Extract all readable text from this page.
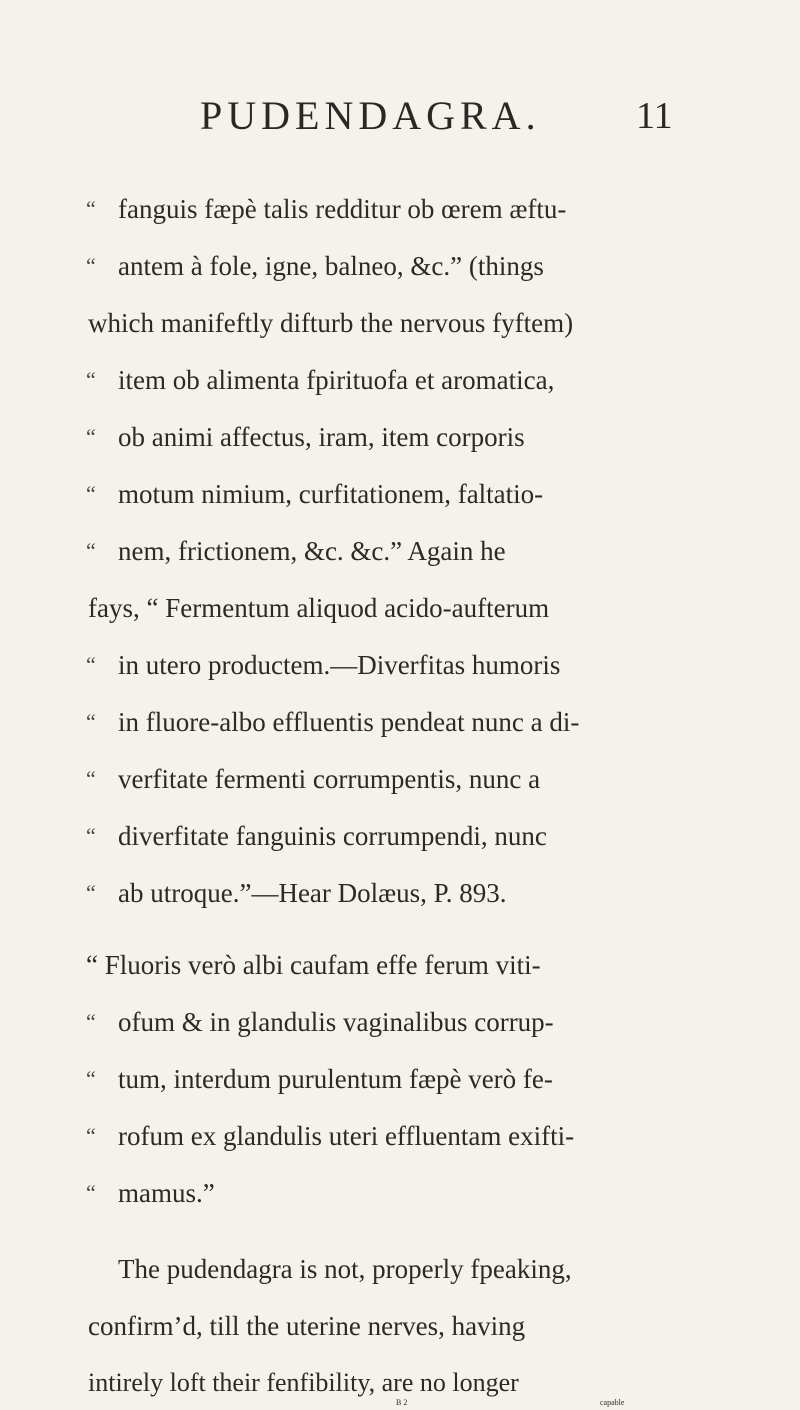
PUDENDAGRA.	11
“ fanguis fæpè talis redditur ob œrem æftu-
“ antem à fole, igne, balneo, &c.” (things
which manifeftly difturb the nervous fyftem)
“ item ob alimenta fpirituofa et aromatica,
“ ob animi affectus, iram, item corporis
“ motum nimium, curfitationem, faltatio-
“ nem, frictionem, &c. &c.” Again he
fays, “ Fermentum aliquod acido-aufterum
“ in utero productem.—Diverfitas humoris
“ in fluore-albo effluentis pendeat nunc a di-
“ verfitate fermenti corrumpentis, nunc a
“ diverfitate fanguinis corrumpendi, nunc
“ ab utroque.”—Hear Dolæus, P. 893.
“ Fluoris verò albi caufam effe ferum viti-
“ ofum & in glandulis vaginalibus corrup-
“ tum, interdum purulentum fæpè verò fe-
“ rofum ex glandulis uteri effluentam exifti-
“ mamus.”
The pudendagra is not, properly fpeaking,
confirm’d, till the uterine nerves, having
intirely loft their fenfibility, are no longer
B 2	capable
